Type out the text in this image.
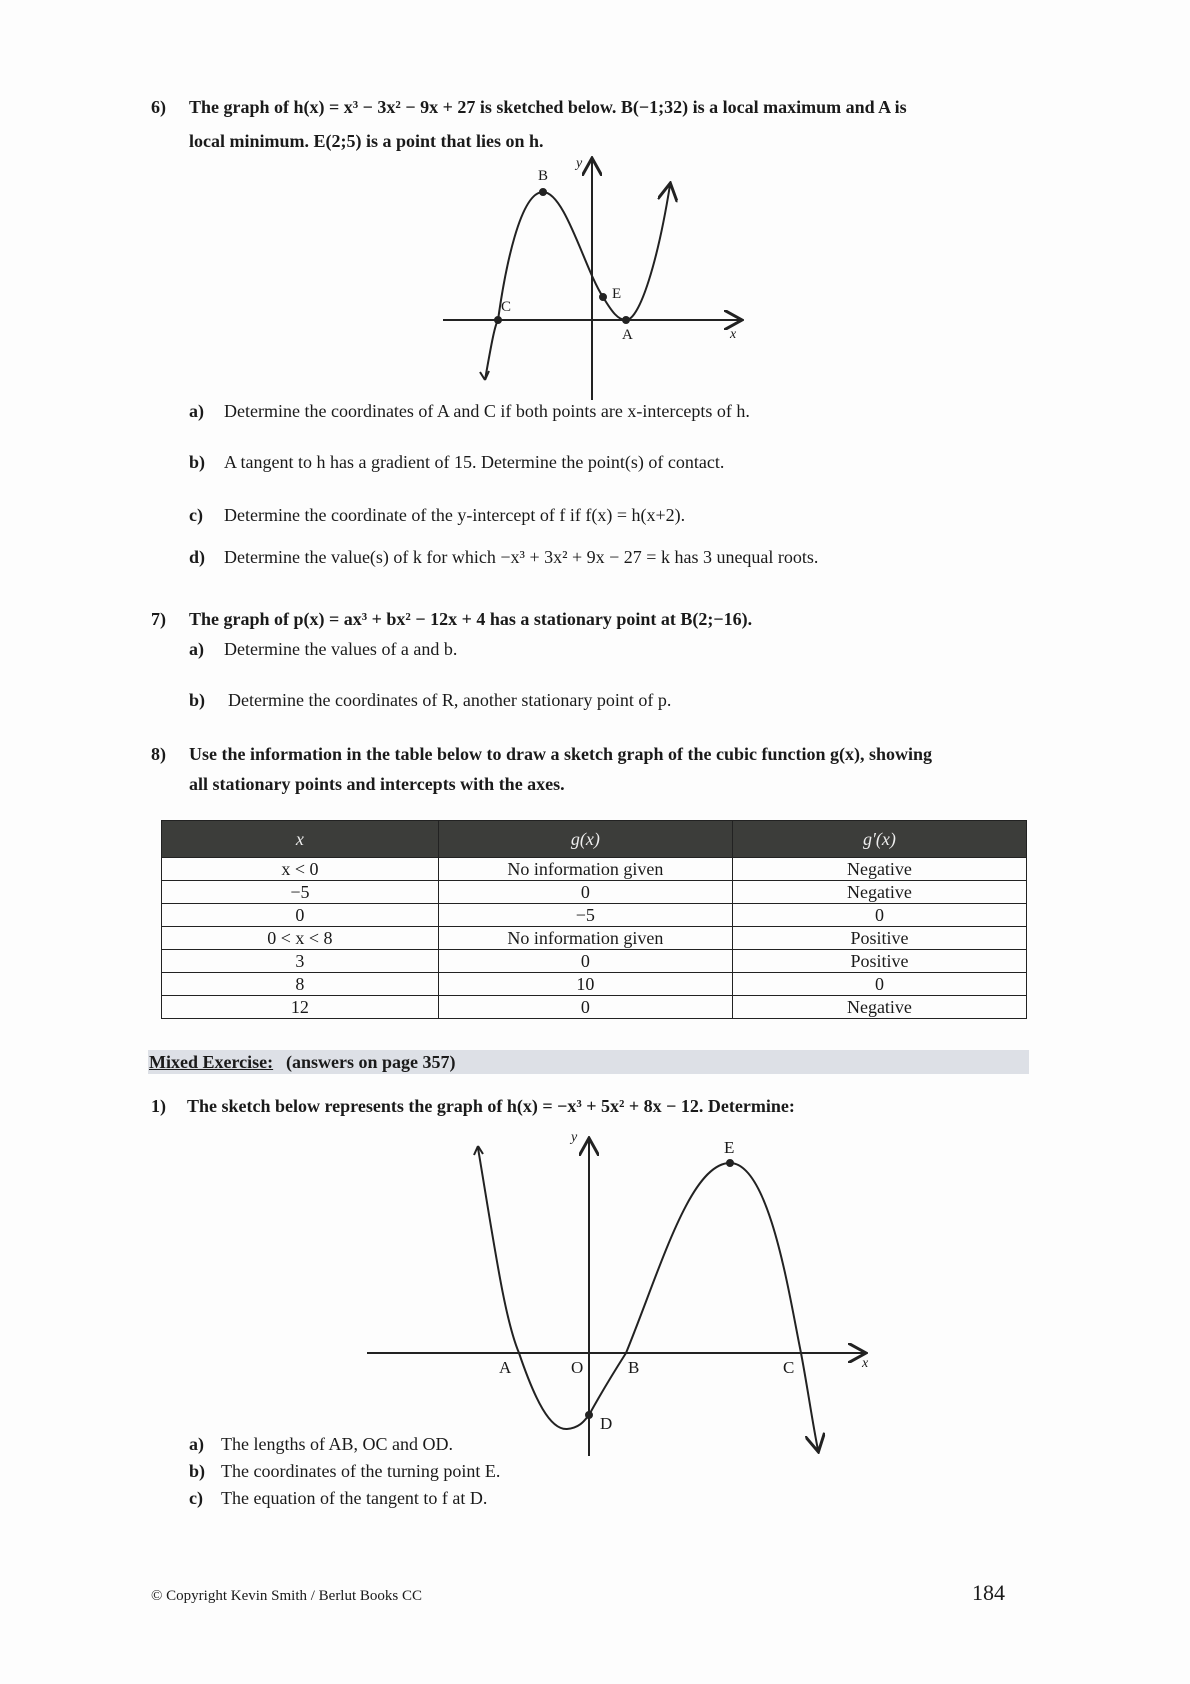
6) The graph of h(x) = x³ − 3x² − 9x + 27 is sketched below. B(−1;32) is a local maximum and A is
local minimum. E(2;5) is a point that lies on h.
B
y
C
E
A	x
a) Determine the coordinates of A and C if both points are x-intercepts of h.
b) A tangent to h has a gradient of 15. Determine the point(s) of contact.
c) Determine the coordinate of the y-intercept of f if f(x) = h(x+2).
d) Determine the value(s) of k for which −x³ + 3x² + 9x − 27 = k has 3 unequal roots.
7) The graph of p(x) = ax³ + bx² − 12x + 4 has a stationary point at B(2;−16).
a) Determine the values of a and b.
b) Determine the coordinates of R, another stationary point of p.
8) Use the information in the table below to draw a sketch graph of the cubic function g(x), showing
all stationary points and intercepts with the axes.
x	g(x)	g′(x)
x < 0	No information given	Negative
−5	0	Negative
0	−5	0
0 < x < 8	No information given	Positive
3	0	Positive
8	10	0
12	0	Negative
Mixed Exercise: (answers on page 357)
1) The sketch below represents the graph of h(x) = −x³ + 5x² + 8x − 12. Determine:
E
y
A	O	B	C	x
D
a) The lengths of AB, OC and OD.
b) The coordinates of the turning point E.
c) The equation of the tangent to f at D.
© Copyright Kevin Smith / Berlut Books CC	184
